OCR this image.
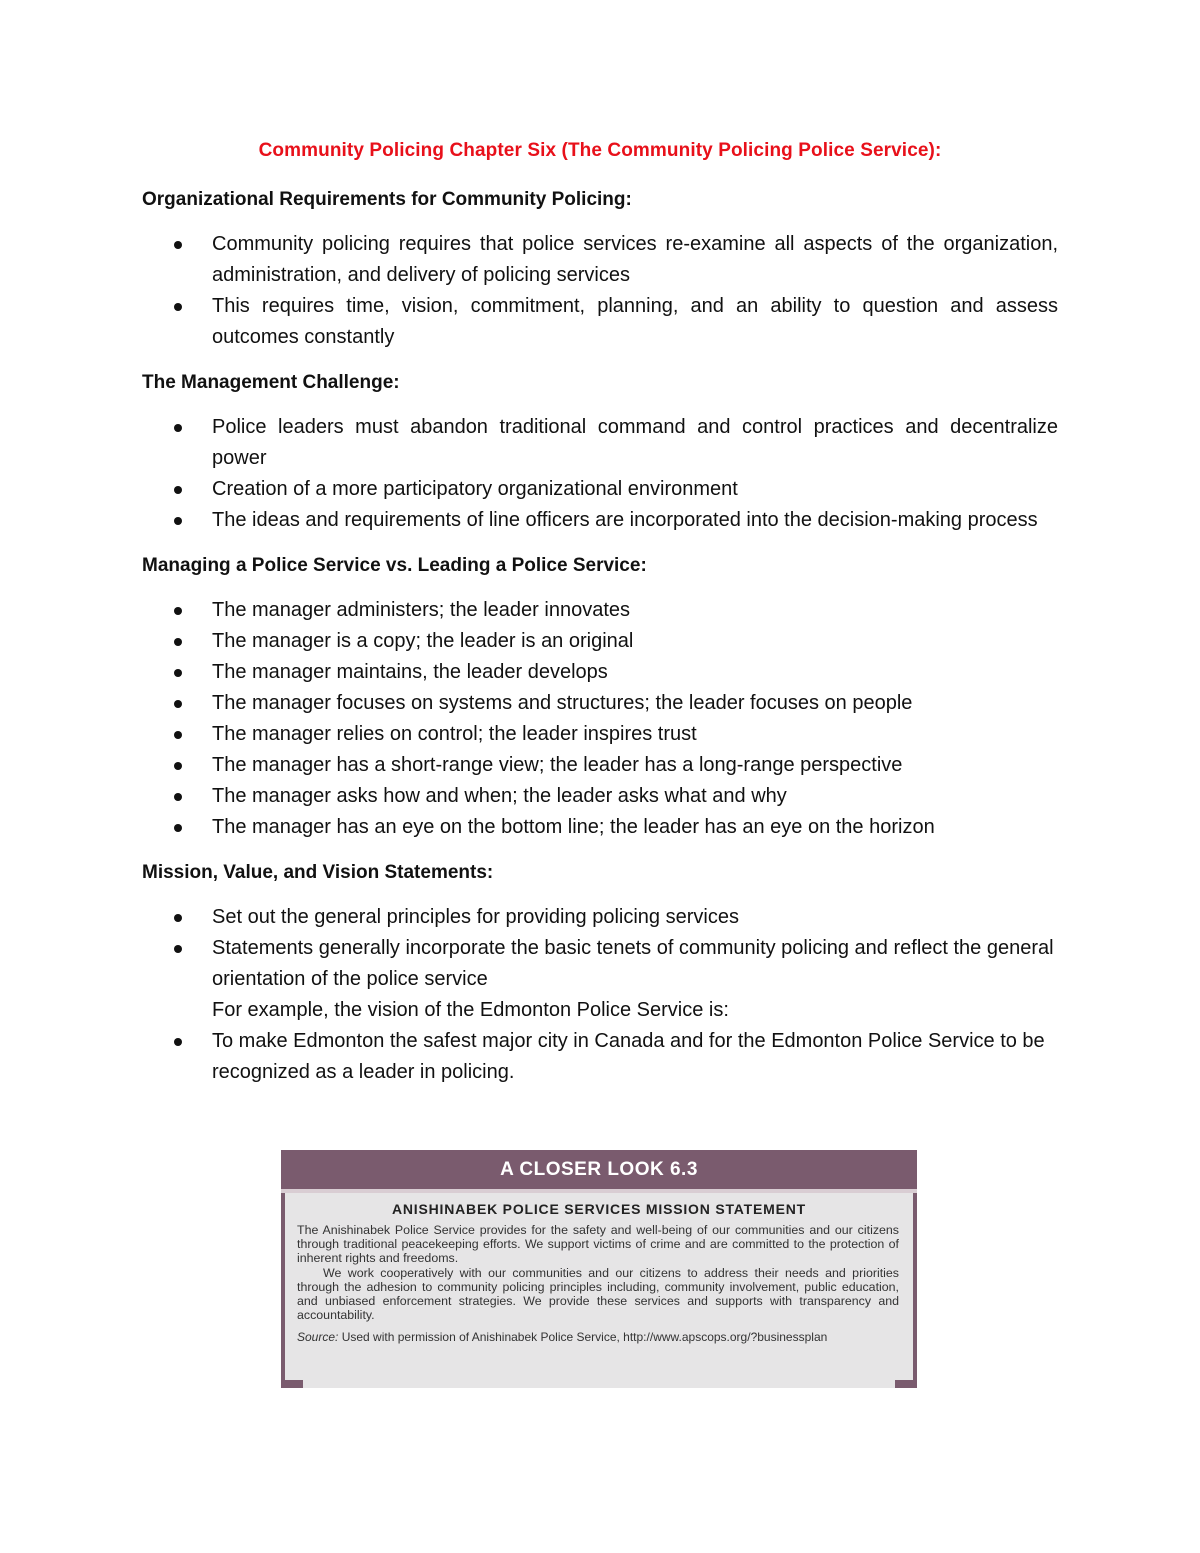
Community Policing Chapter Six (The Community Policing Police Service):
Organizational Requirements for Community Policing:
Community policing requires that police services re-examine all aspects of the organization, administration, and delivery of policing services
This requires time, vision, commitment, planning, and an ability to question and assess outcomes constantly
The Management Challenge:
Police leaders must abandon traditional command and control practices and decentralize power
Creation of a more participatory organizational environment
The ideas and requirements of line officers are incorporated into the decision-making process
Managing a Police Service vs. Leading a Police Service:
The manager administers; the leader innovates
The manager is a copy; the leader is an original
The manager maintains, the leader develops
The manager focuses on systems and structures; the leader focuses on people
The manager relies on control; the leader inspires trust
The manager has a short-range view; the leader has a long-range perspective
The manager asks how and when; the leader asks what and why
The manager has an eye on the bottom line; the leader has an eye on the horizon
Mission, Value, and Vision Statements:
Set out the general principles for providing policing services
Statements generally incorporate the basic tenets of community policing and reflect the general orientation of the police service
For example, the vision of the Edmonton Police Service is:
To make Edmonton the safest major city in Canada and for the Edmonton Police Service to be recognized as a leader in policing.
A CLOSER LOOK 6.3
ANISHINABEK POLICE SERVICES MISSION STATEMENT

The Anishinabek Police Service provides for the safety and well-being of our communities and our citizens through traditional peacekeeping efforts. We support victims of crime and are committed to the protection of inherent rights and freedoms.

We work cooperatively with our communities and our citizens to address their needs and priorities through the adhesion to community policing principles including, community involvement, public education, and unbiased enforcement strategies. We provide these services and supports with transparency and accountability.

Source: Used with permission of Anishinabek Police Service, http://www.apscops.org/?businessplan
